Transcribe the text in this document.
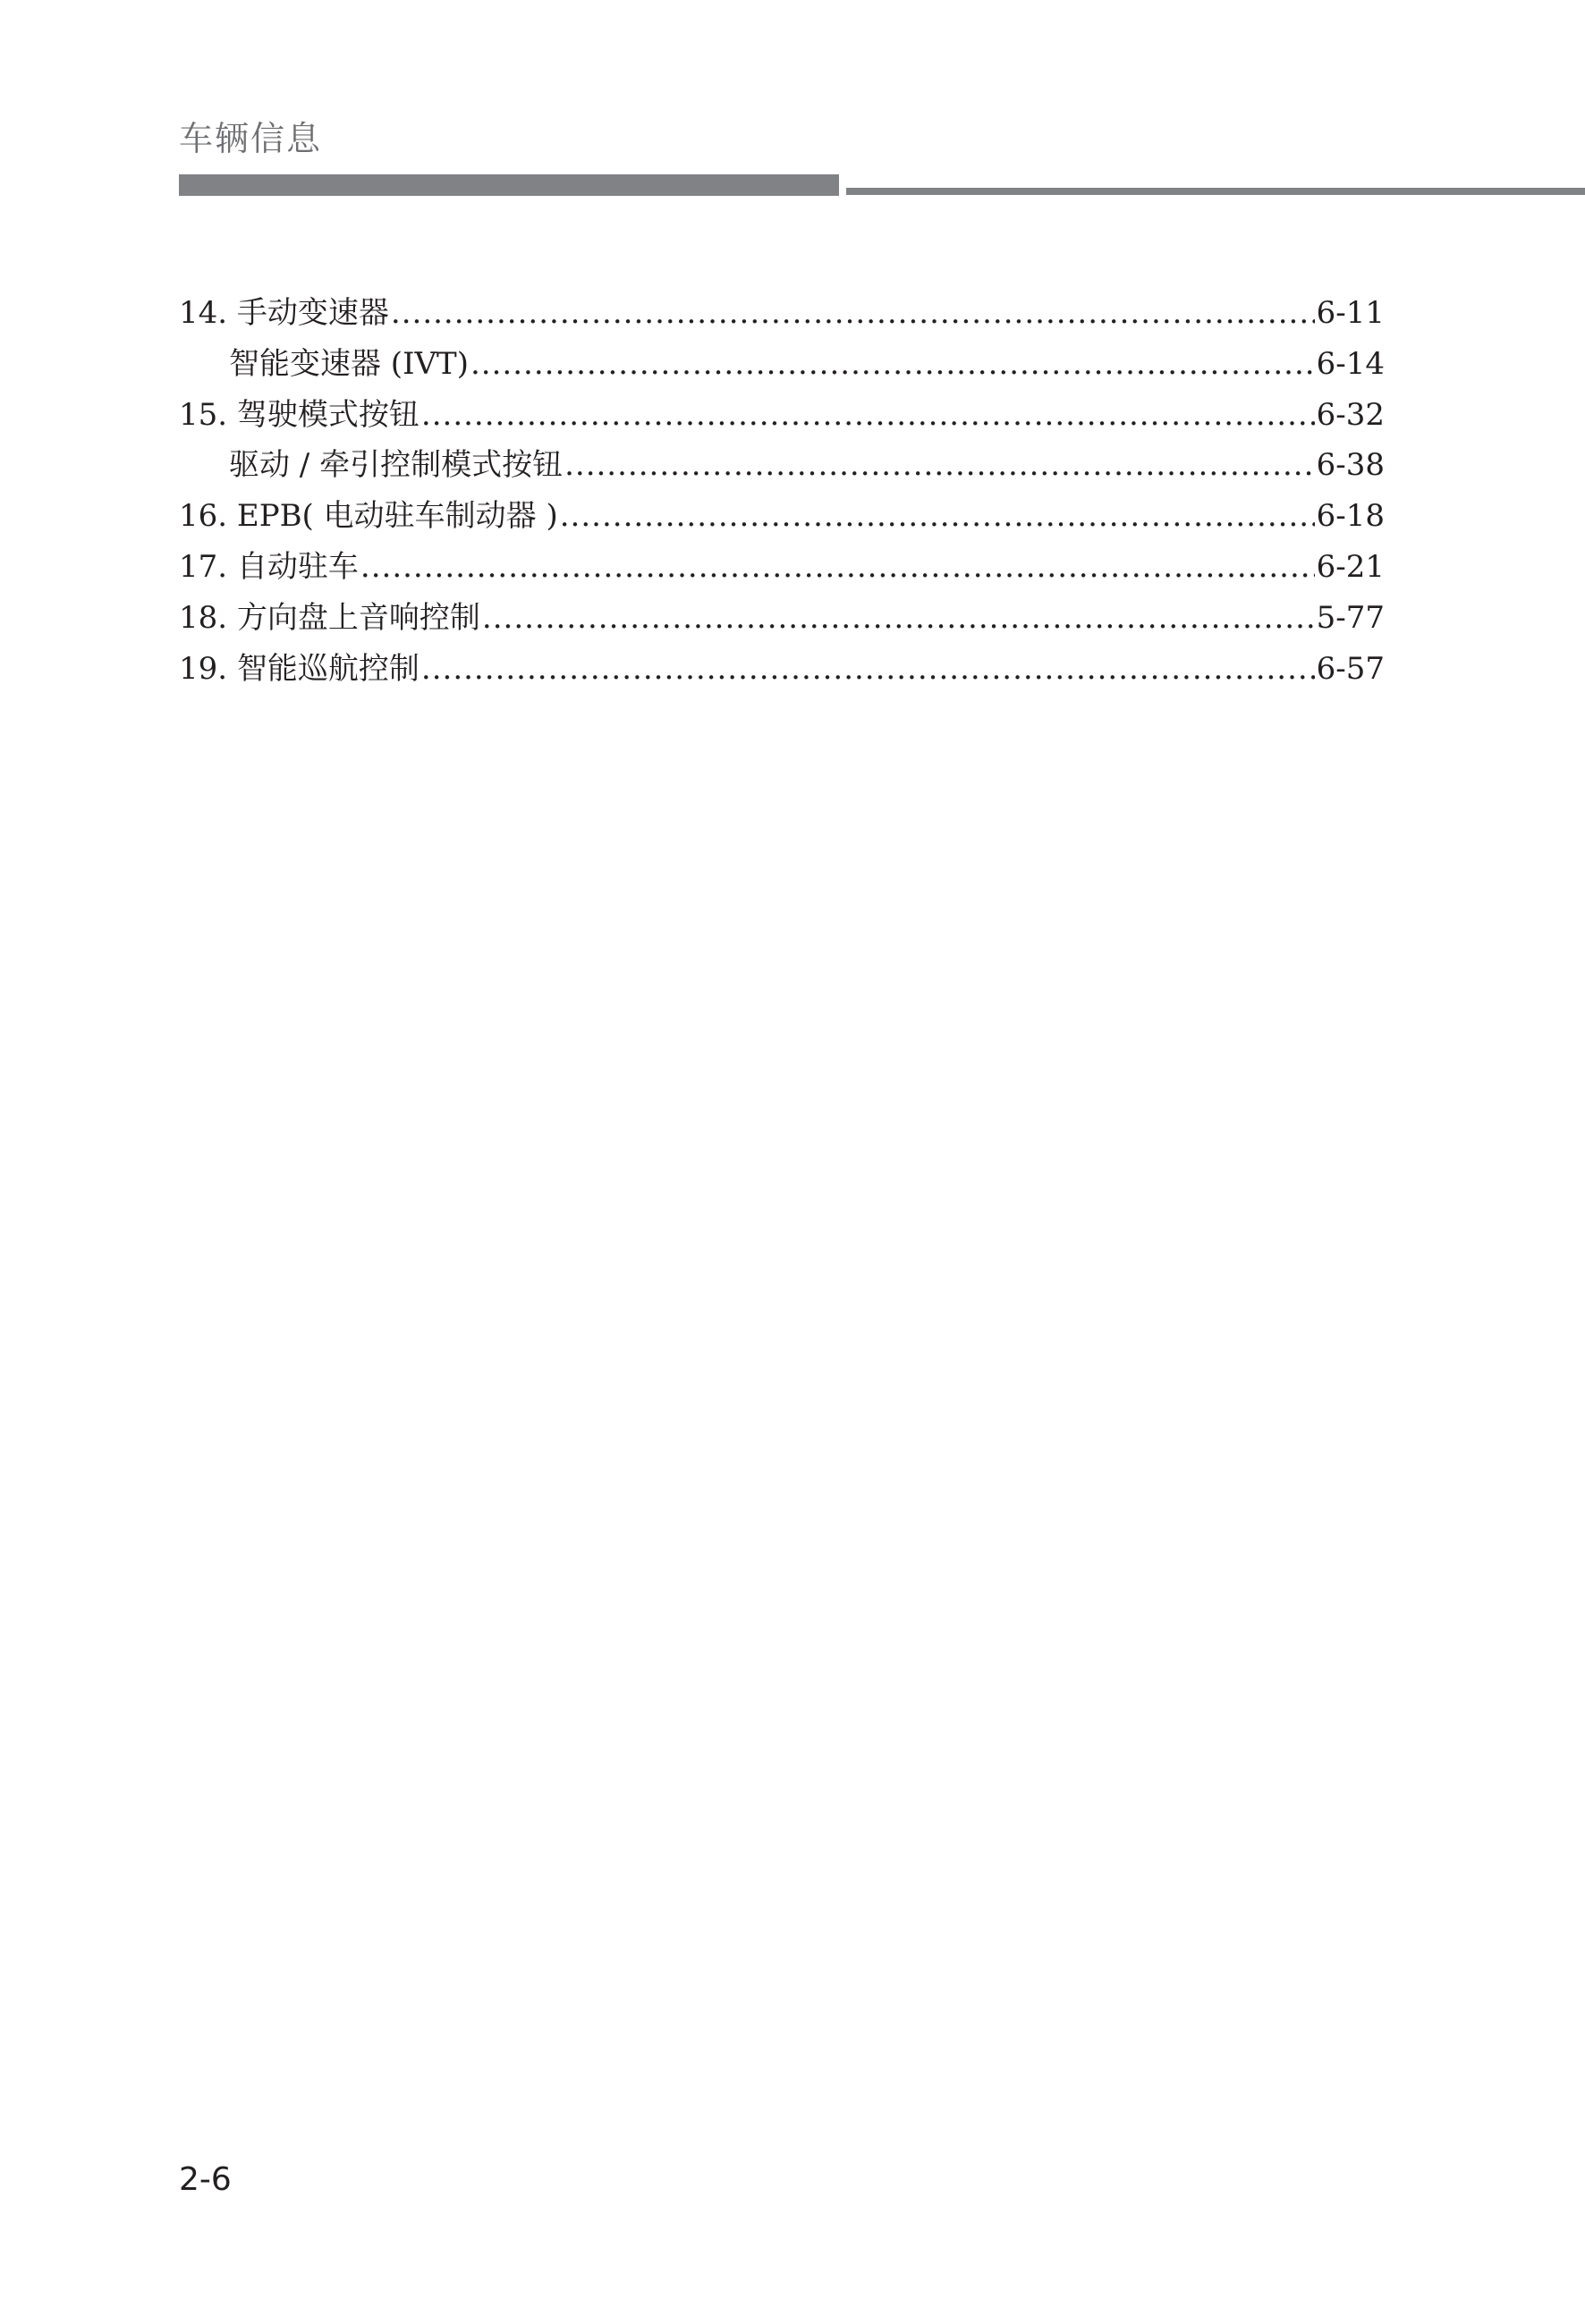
车辆信息
14. 手动变速器 .....	6-11
智能变速器 (IVT) .....	6-14
15. 驾驶模式按钮 .....	6-32
驱动 / 牵引控制模式按钮 .....	6-38
16. EPB( 电动驻车制动器 ) .....	6-18
17. 自动驻车 .....	6-21
18. 方向盘上音响控制 .....	5-77
19. 智能巡航控制 .....	6-57
2-6
